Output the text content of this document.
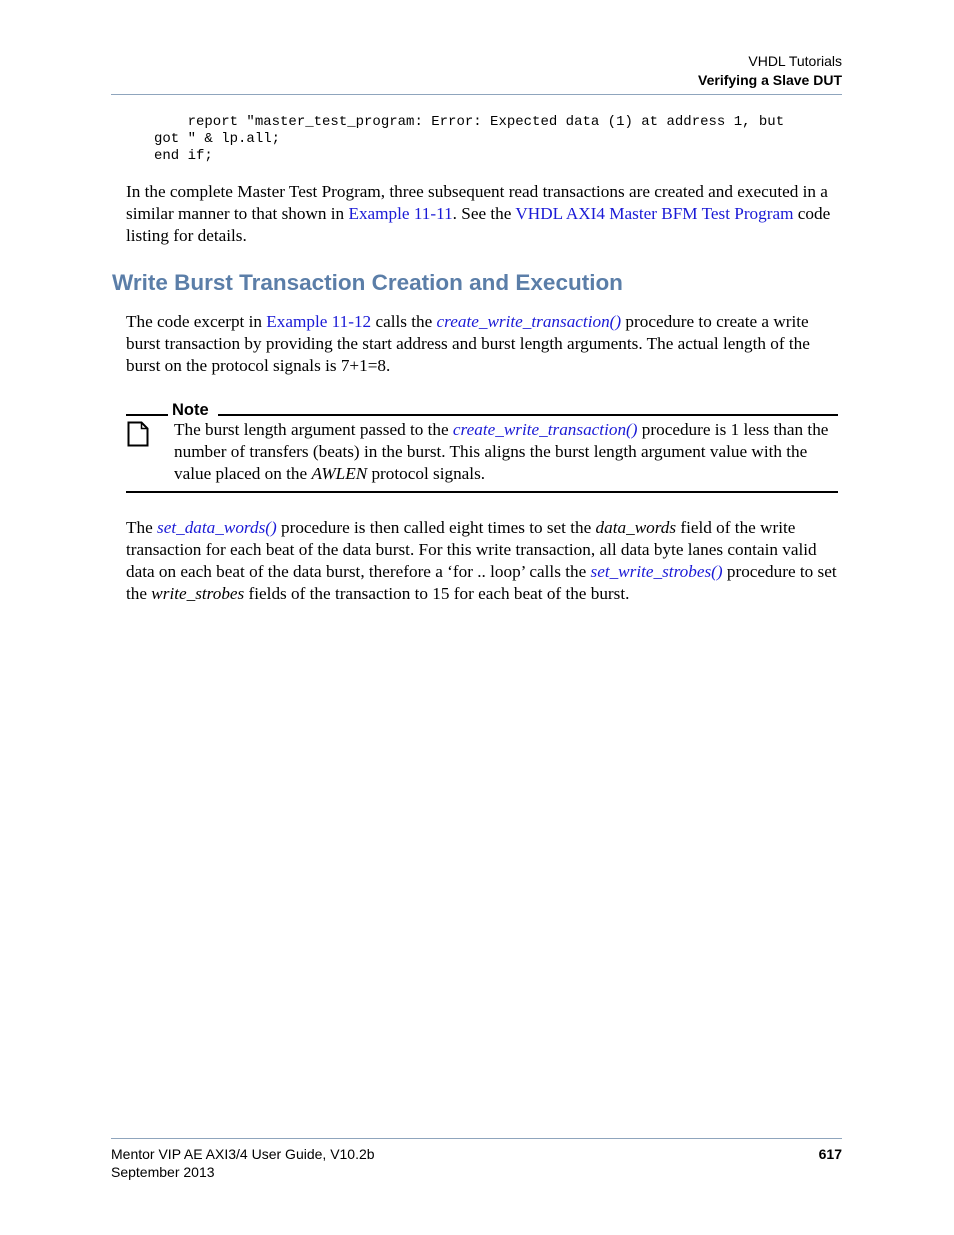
VHDL Tutorials
Verifying a Slave DUT
report "master_test_program: Error: Expected data (1) at address 1, but
got " & lp.all;
end if;

In the complete Master Test Program, three subsequent read transactions are created and executed in a similar manner to that shown in Example 11-11. See the VHDL AXI4 Master BFM Test Program code listing for details.

Write Burst Transaction Creation and Execution

The code excerpt in Example 11-12 calls the create_write_transaction() procedure to create a write burst transaction by providing the start address and burst length arguments. The actual length of the burst on the protocol signals is 7+1=8.

Note

The burst length argument passed to the create_write_transaction() procedure is 1 less than the number of transfers (beats) in the burst. This aligns the burst length argument value with the value placed on the AWLEN protocol signals.

The set_data_words() procedure is then called eight times to set the data_words field of the write transaction for each beat of the data burst. For this write transaction, all data byte lanes contain valid data on each beat of the data burst, therefore a ‘for .. loop’ calls the set_write_strobes() procedure to set the write_strobes fields of the transaction to 15 for each beat of the burst.

Mentor VIP AE AXI3/4 User Guide, V10.2b
September 2013
617
